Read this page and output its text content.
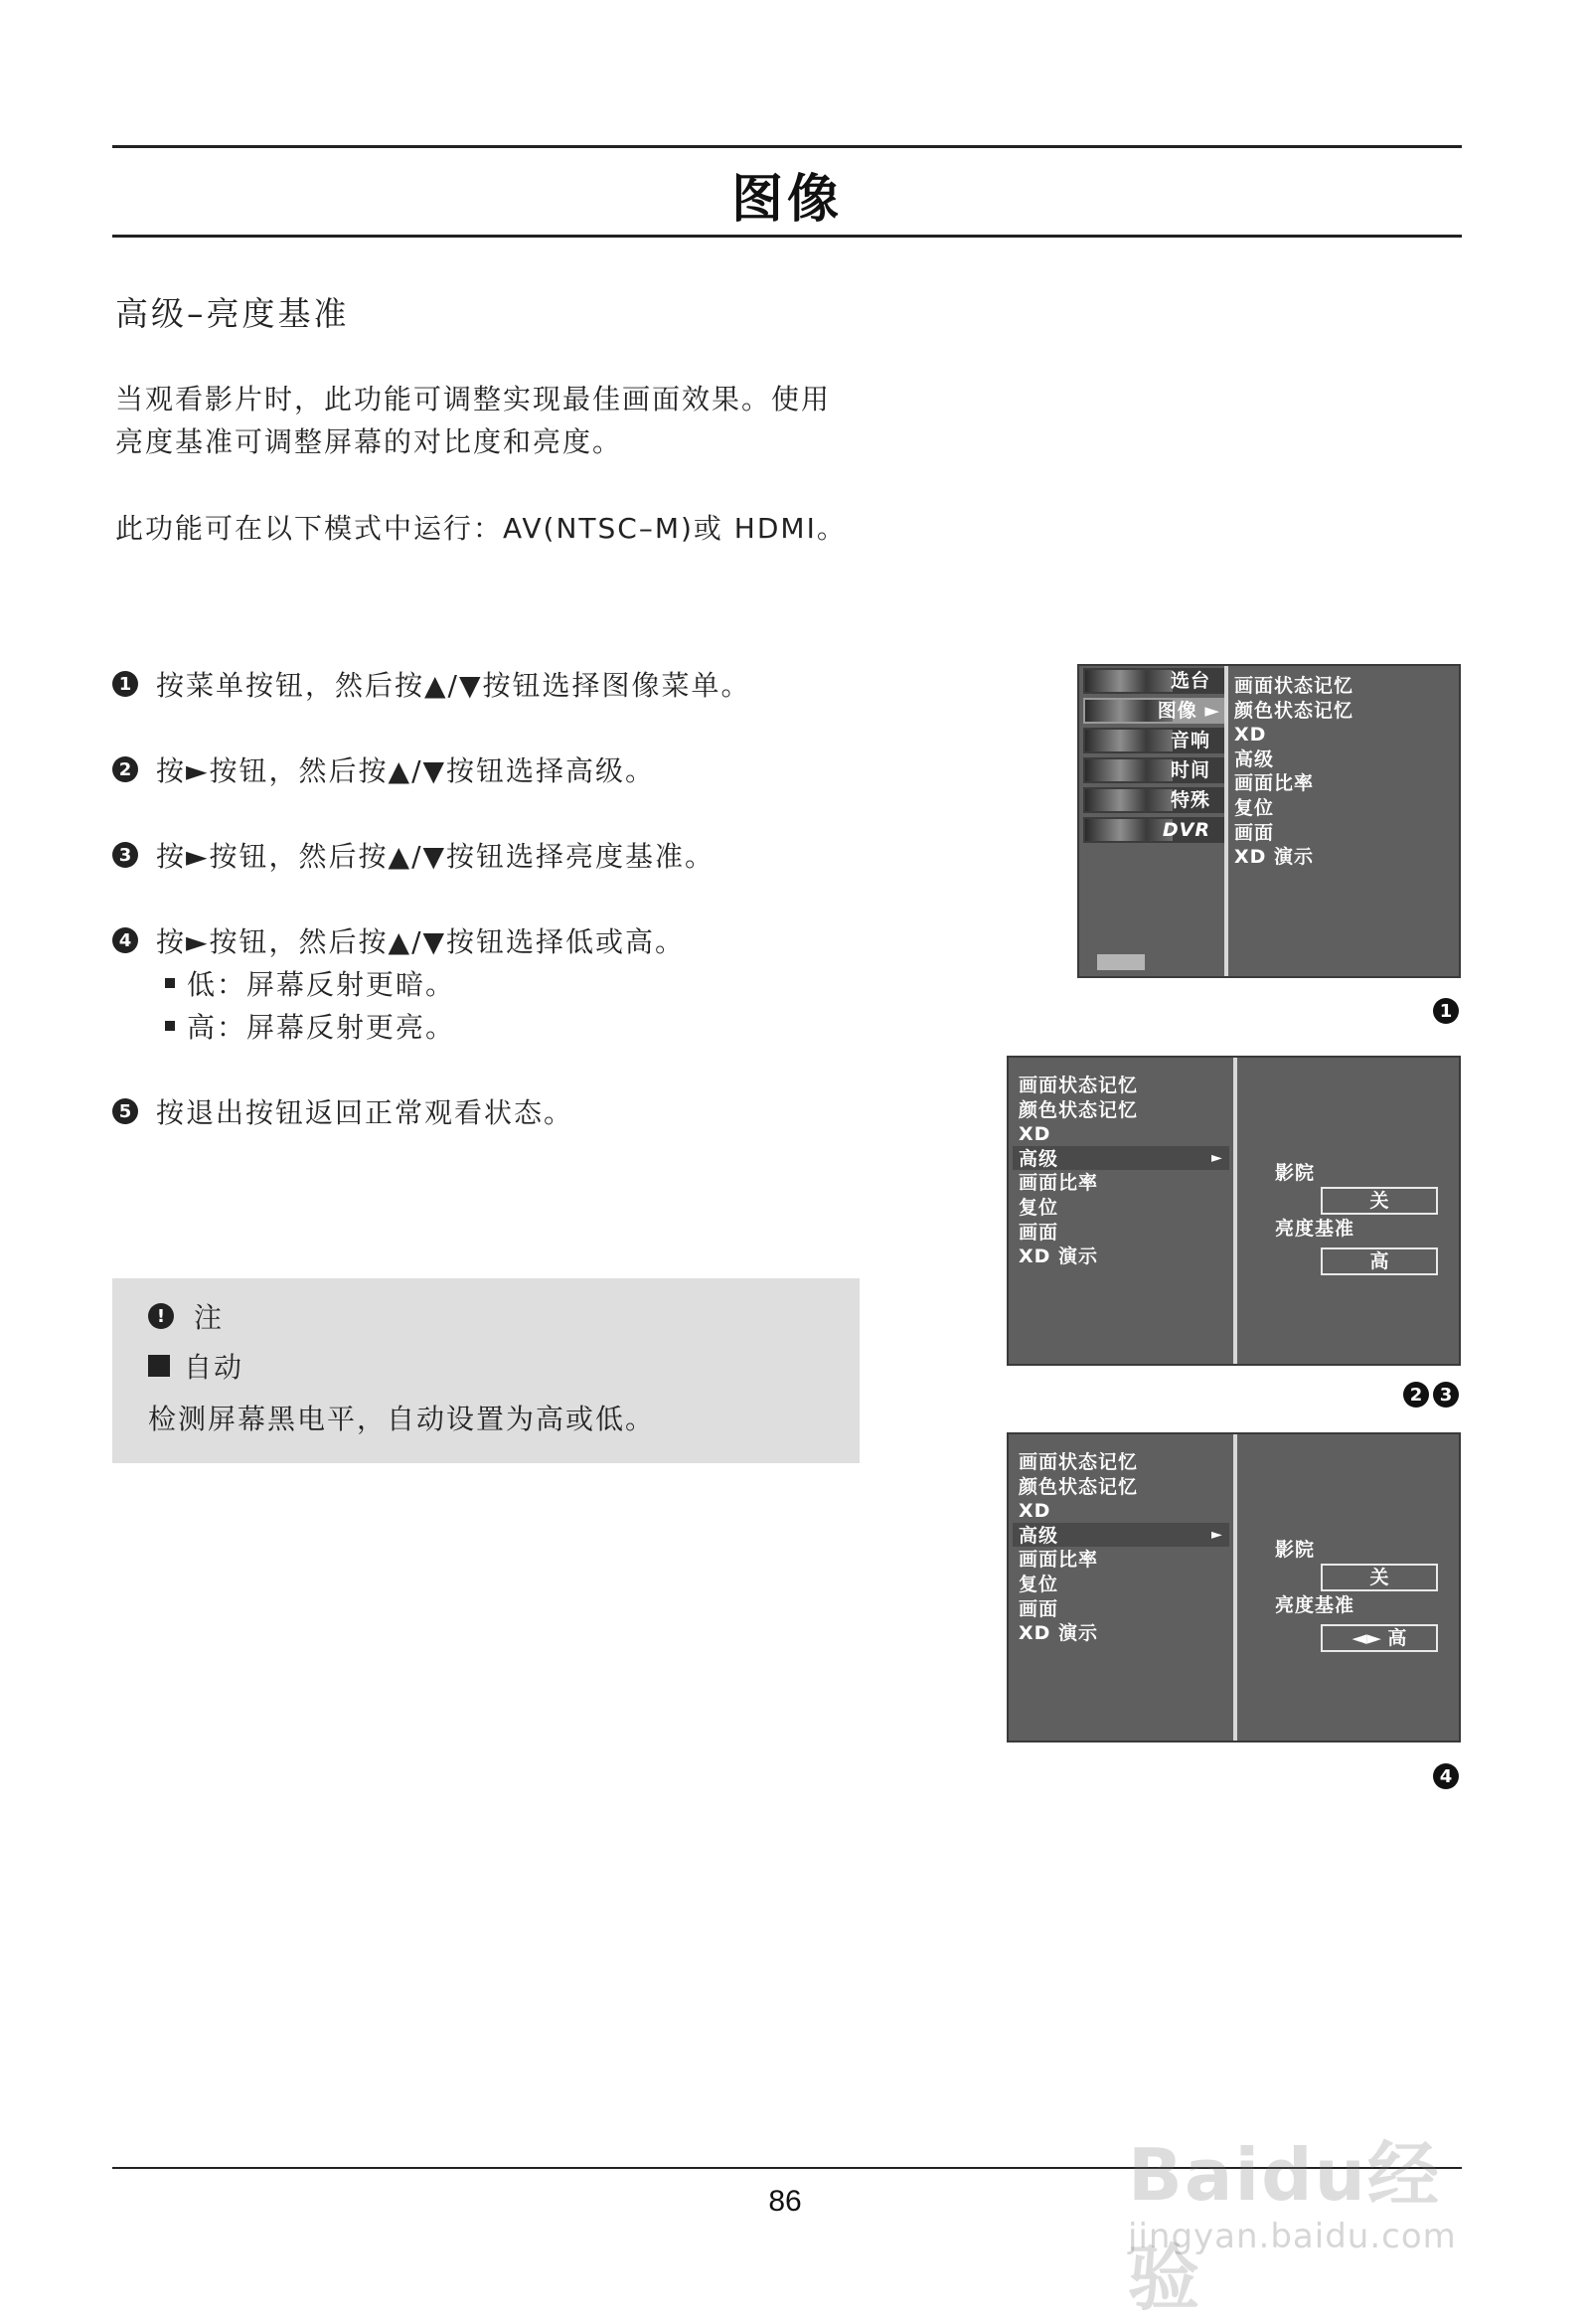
图像
高级–亮度基准

当观看影片时，此功能可调整实现最佳画面效果。使用

亮度基准可调整屏幕的对比度和亮度。

此功能可在以下模式中运行：AV(NTSC–M)或 HDMI。

1 按菜单按钮，然后按▲/▼按钮选择图像菜单。
2 按►按钮，然后按▲/▼按钮选择高级。
3 按►按钮，然后按▲/▼按钮选择亮度基准。
4 按►按钮，然后按▲/▼按钮选择低或高。
低：屏幕反射更暗。
高：屏幕反射更亮。
5 按退出按钮返回正常观看状态。
!	注
自动
检测屏幕黑电平，自动设置为高或低。
选台
图像 ►
音响
时间
特殊
DVR
画面状态记忆
颜色状态记忆
XD
高级
画面比率
复位
画面
XD 演示
1
画面状态记忆
颜色状态记忆
XD
高级
画面比率
复位
画面
XD 演示
►
影院
关
亮度基准
高
2 3
画面状态记忆
颜色状态记忆
XD
高级
画面比率
复位
画面
XD 演示
►
影院
关
亮度基准
◄► 高
4
86	Baidu经验
jingyan.baidu.com
